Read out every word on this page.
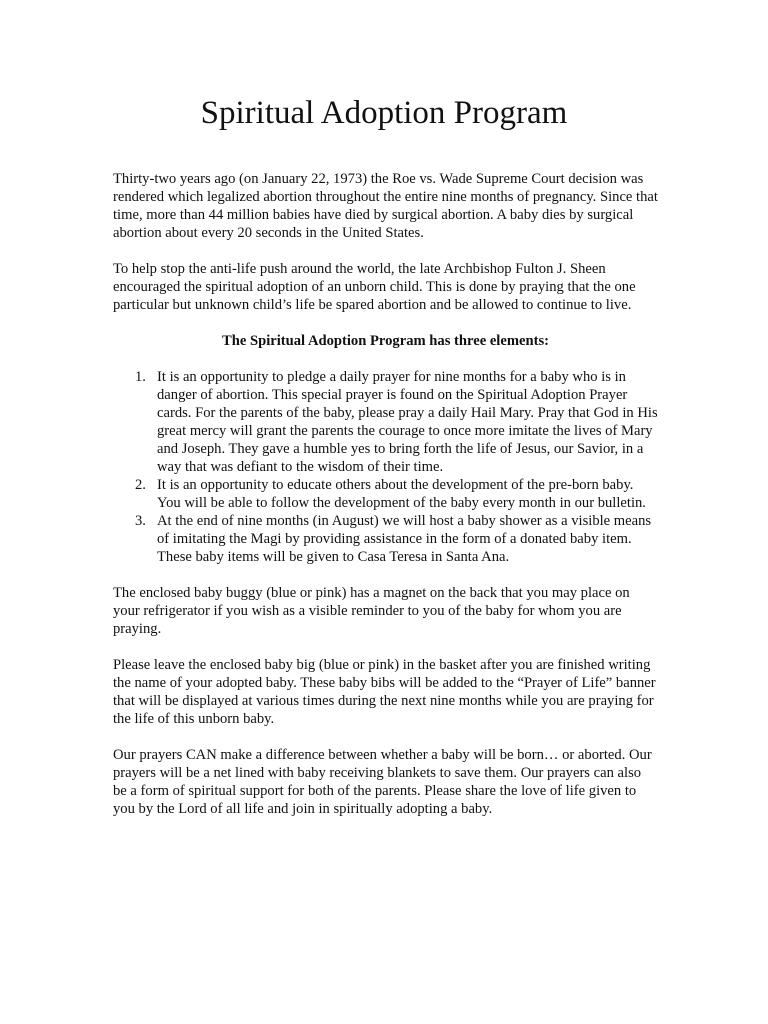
Spiritual Adoption Program

Thirty-two years ago (on January 22, 1973) the Roe vs. Wade Supreme Court decision was rendered which legalized abortion throughout the entire nine months of pregnancy. Since that time, more than 44 million babies have died by surgical abortion. A baby dies by surgical abortion about every 20 seconds in the United States.

To help stop the anti-life push around the world, the late Archbishop Fulton J. Sheen encouraged the spiritual adoption of an unborn child. This is done by praying that the one particular but unknown child’s life be spared abortion and be allowed to continue to live.

The Spiritual Adoption Program has three elements:

1. It is an opportunity to pledge a daily prayer for nine months for a baby who is in danger of abortion. This special prayer is found on the Spiritual Adoption Prayer cards. For the parents of the baby, please pray a daily Hail Mary. Pray that God in His great mercy will grant the parents the courage to once more imitate the lives of Mary and Joseph. They gave a humble yes to bring forth the life of Jesus, our Savior, in a way that was defiant to the wisdom of their time.
2. It is an opportunity to educate others about the development of the pre-born baby. You will be able to follow the development of the baby every month in our bulletin.
3. At the end of nine months (in August) we will host a baby shower as a visible means of imitating the Magi by providing assistance in the form of a donated baby item. These baby items will be given to Casa Teresa in Santa Ana.

The enclosed baby buggy (blue or pink) has a magnet on the back that you may place on your refrigerator if you wish as a visible reminder to you of the baby for whom you are praying.

Please leave the enclosed baby big (blue or pink) in the basket after you are finished writing the name of your adopted baby. These baby bibs will be added to the “Prayer of Life” banner that will be displayed at various times during the next nine months while you are praying for the life of this unborn baby.

Our prayers CAN make a difference between whether a baby will be born… or aborted. Our prayers will be a net lined with baby receiving blankets to save them. Our prayers can also be a form of spiritual support for both of the parents. Please share the love of life given to you by the Lord of all life and join in spiritually adopting a baby.
